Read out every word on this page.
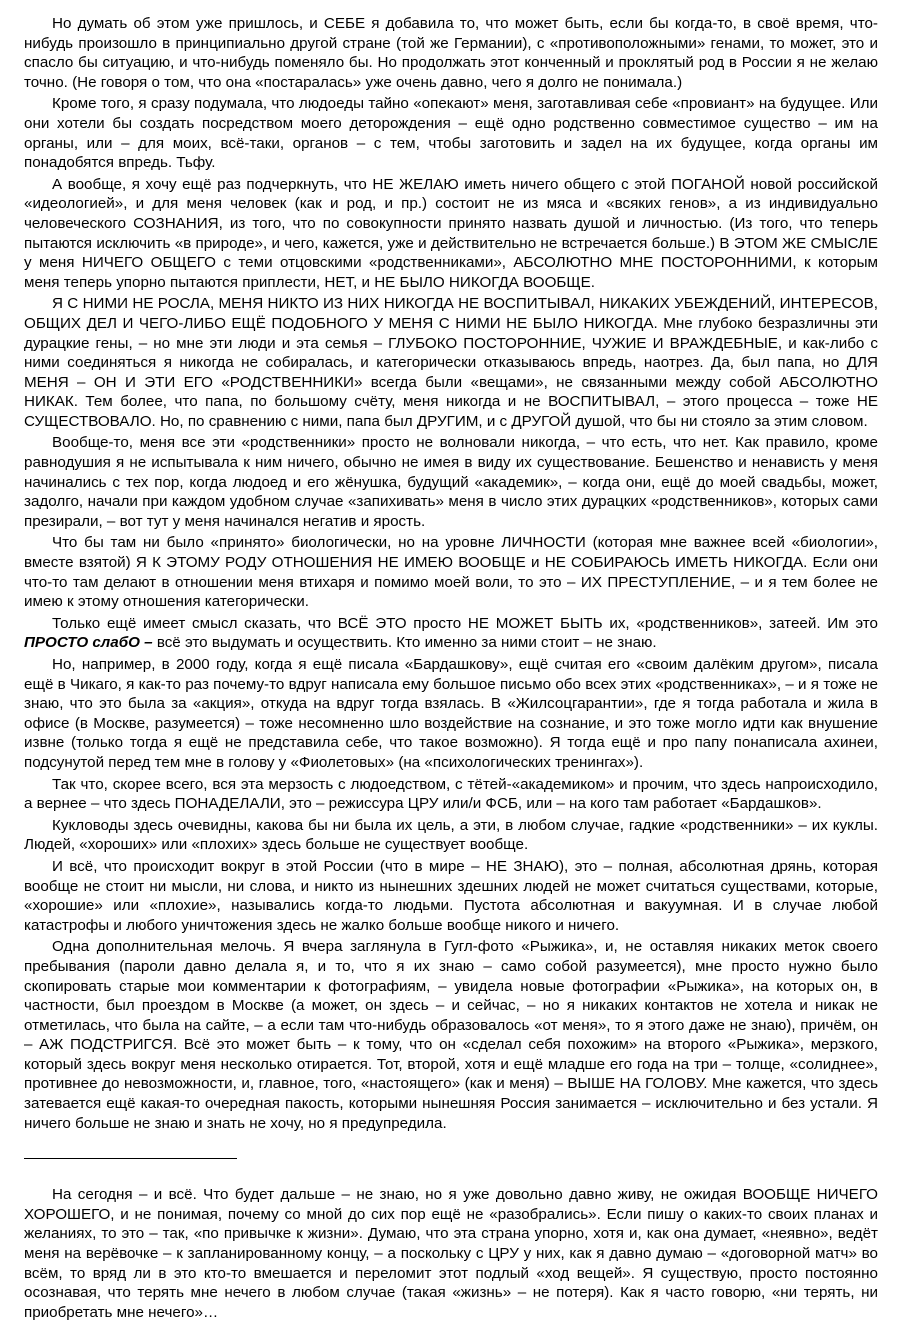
Но думать об этом уже пришлось, и СЕБЕ я добавила то, что может быть, если бы когда-то, в своё время, что-нибудь произошло в принципиально другой стране (той же Германии), с «противоположными» генами, то может, это и спасло бы ситуацию, и что-нибудь поменяло бы. Но продолжать этот конченный и проклятый род в России я не желаю точно. (Не говоря о том, что она «постаралась» уже очень давно, чего я долго не понимала.)

Кроме того, я сразу подумала, что людоеды тайно «опекают» меня, заготавливая себе «провиант» на будущее. Или они хотели бы создать посредством моего деторождения – ещё одно родственно совместимое существо – им на органы, или – для моих, всё-таки, органов – с тем, чтобы заготовить и задел на их будущее, когда органы им понадобятся впредь. Тьфу.

А вообще, я хочу ещё раз подчеркнуть, что НЕ ЖЕЛАЮ иметь ничего общего с этой ПОГАНОЙ новой российской «идеологией», и для меня человек (как и род, и пр.) состоит не из мяса и «всяких генов», а из индивидуально человеческого СОЗНАНИЯ, из того, что по совокупности принято назвать душой и личностью. (Из того, что теперь пытаются исключить «в природе», и чего, кажется, уже и действительно не встречается больше.) В ЭТОМ ЖЕ СМЫСЛЕ у меня НИЧЕГО ОБЩЕГО с теми отцовскими «родственниками», АБСОЛЮТНО МНЕ ПОСТОРОННИМИ, к которым меня теперь упорно пытаются приплести, НЕТ, и НЕ БЫЛО НИКОГДА ВООБЩЕ.

Я С НИМИ НЕ РОСЛА, МЕНЯ НИКТО ИЗ НИХ НИКОГДА НЕ ВОСПИТЫВАЛ, НИКАКИХ УБЕЖДЕНИЙ, ИНТЕРЕСОВ, ОБЩИХ ДЕЛ И ЧЕГО-ЛИБО ЕЩЁ ПОДОБНОГО У МЕНЯ С НИМИ НЕ БЫЛО НИКОГДА. Мне глубоко безразличны эти дурацкие гены, – но мне эти люди и эта семья – ГЛУБОКО ПОСТОРОННИЕ, ЧУЖИЕ И ВРАЖДЕБНЫЕ, и как-либо с ними соединяться я никогда не собиралась, и категорически отказываюсь впредь, наотрез. Да, был папа, но ДЛЯ МЕНЯ – ОН И ЭТИ ЕГО «РОДСТВЕННИКИ» всегда были «вещами», не связанными между собой АБСОЛЮТНО НИКАК. Тем более, что папа, по большому счёту, меня никогда и не ВОСПИТЫВАЛ, – этого процесса – тоже НЕ СУЩЕСТВОВАЛО. Но, по сравнению с ними, папа был ДРУГИМ, и с ДРУГОЙ душой, что бы ни стояло за этим словом.

Вообще-то, меня все эти «родственники» просто не волновали никогда, – что есть, что нет. Как правило, кроме равнодушия я не испытывала к ним ничего, обычно не имея в виду их существование. Бешенство и ненависть у меня начинались с тех пор, когда людоед и его жёнушка, будущий «академик», – когда они, ещё до моей свадьбы, может, задолго, начали при каждом удобном случае «запихивать» меня в число этих дурацких «родственников», которых сами презирали, – вот тут у меня начинался негатив и ярость.

Что бы там ни было «принято» биологически, но на уровне ЛИЧНОСТИ (которая мне важнее всей «биологии», вместе взятой) Я К ЭТОМУ РОДУ ОТНОШЕНИЯ НЕ ИМЕЮ ВООБЩЕ и НЕ СОБИРАЮСЬ ИМЕТЬ НИКОГДА. Если они что-то там делают в отношении меня втихаря и помимо моей воли, то это – ИХ ПРЕСТУПЛЕНИЕ, – и я тем более не имею к этому отношения категорически.

Только ещё имеет смысл сказать, что ВСЁ ЭТО просто НЕ МОЖЕТ БЫТЬ их, «родственников», затеей. Им это ПРОСТО слабО – всё это выдумать и осуществить. Кто именно за ними стоит – не знаю.

Но, например, в 2000 году, когда я ещё писала «Бардашкову», ещё считая его «своим далёким другом», писала ещё в Чикаго, я как-то раз почему-то вдруг написала ему большое письмо обо всех этих «родственниках», – и я тоже не знаю, что это была за «акция», откуда на вдруг тогда взялась. В «Жилсоцгарантии», где я тогда работала и жила в офисе (в Москве, разумеется) – тоже несомненно шло воздействие на сознание, и это тоже могло идти как внушение извне (только тогда я ещё не представила себе, что такое возможно). Я тогда ещё и про папу понаписала ахинеи, подсунутой перед тем мне в голову у «Фиолетовых» (на «психологических тренингах»).

Так что, скорее всего, вся эта мерзость с людоедством, с тётей-«академиком» и прочим, что здесь напроисходило, а вернее – что здесь ПОНАДЕЛАЛИ, это – режиссура ЦРУ или/и ФСБ, или – на кого там работает «Бардашков».

Кукловоды здесь очевидны, какова бы ни была их цель, а эти, в любом случае, гадкие «родственники» – их куклы. Людей, «хороших» или «плохих» здесь больше не существует вообще.

И всё, что происходит вокруг в этой России (что в мире – НЕ ЗНАЮ), это – полная, абсолютная дрянь, которая вообще не стоит ни мысли, ни слова, и никто из нынешних здешних людей не может считаться существами, которые, «хорошие» или «плохие», назывались когда-то людьми. Пустота абсолютная и вакуумная. И в случае любой катастрофы и любого уничтожения здесь не жалко больше вообще никого и ничего.

Одна дополнительная мелочь. Я вчера заглянула в Гугл-фото «Рыжика», и, не оставляя никаких меток своего пребывания (пароли давно делала я, и то, что я их знаю – само собой разумеется), мне просто нужно было скопировать старые мои комментарии к фотографиям, – увидела новые фотографии «Рыжика», на которых он, в частности, был проездом в Москве (а может, он здесь – и сейчас, – но я никаких контактов не хотела и никак не отметилась, что была на сайте, – а если там что-нибудь образовалось «от меня», то я этого даже не знаю), причём, он – АЖ ПОДСТРИГСЯ. Всё это может быть – к тому, что он «сделал себя похожим» на второго «Рыжика», мерзкого, который здесь вокруг меня несколько отирается. Тот, второй, хотя и ещё младше его года на три – толще, «солиднее», противнее до невозможности, и, главное, того, «настоящего» (как и меня) – ВЫШЕ НА ГОЛОВУ. Мне кажется, что здесь затевается ещё какая-то очередная пакость, которыми нынешняя Россия занимается – исключительно и без устали. Я ничего больше не знаю и знать не хочу, но я предупредила.

На сегодня – и всё. Что будет дальше – не знаю, но я уже довольно давно живу, не ожидая ВООБЩЕ НИЧЕГО ХОРОШЕГО, и не понимая, почему со мной до сих пор ещё не «разобрались». Если пишу о каких-то своих планах и желаниях, то это – так, «по привычке к жизни». Думаю, что эта страна упорно, хотя и, как она думает, «неявно», ведёт меня на верёвочке – к запланированному концу, – а поскольку с ЦРУ у них, как я давно думаю – «договорной матч» во всём, то вряд ли в это кто-то вмешается и переломит этот подлый «ход вещей». Я существую, просто постоянно осознавая, что терять мне нечего в любом случае (такая «жизнь» – не потеря). Как я часто говорю, «ни терять, ни приобретать мне нечего»…
